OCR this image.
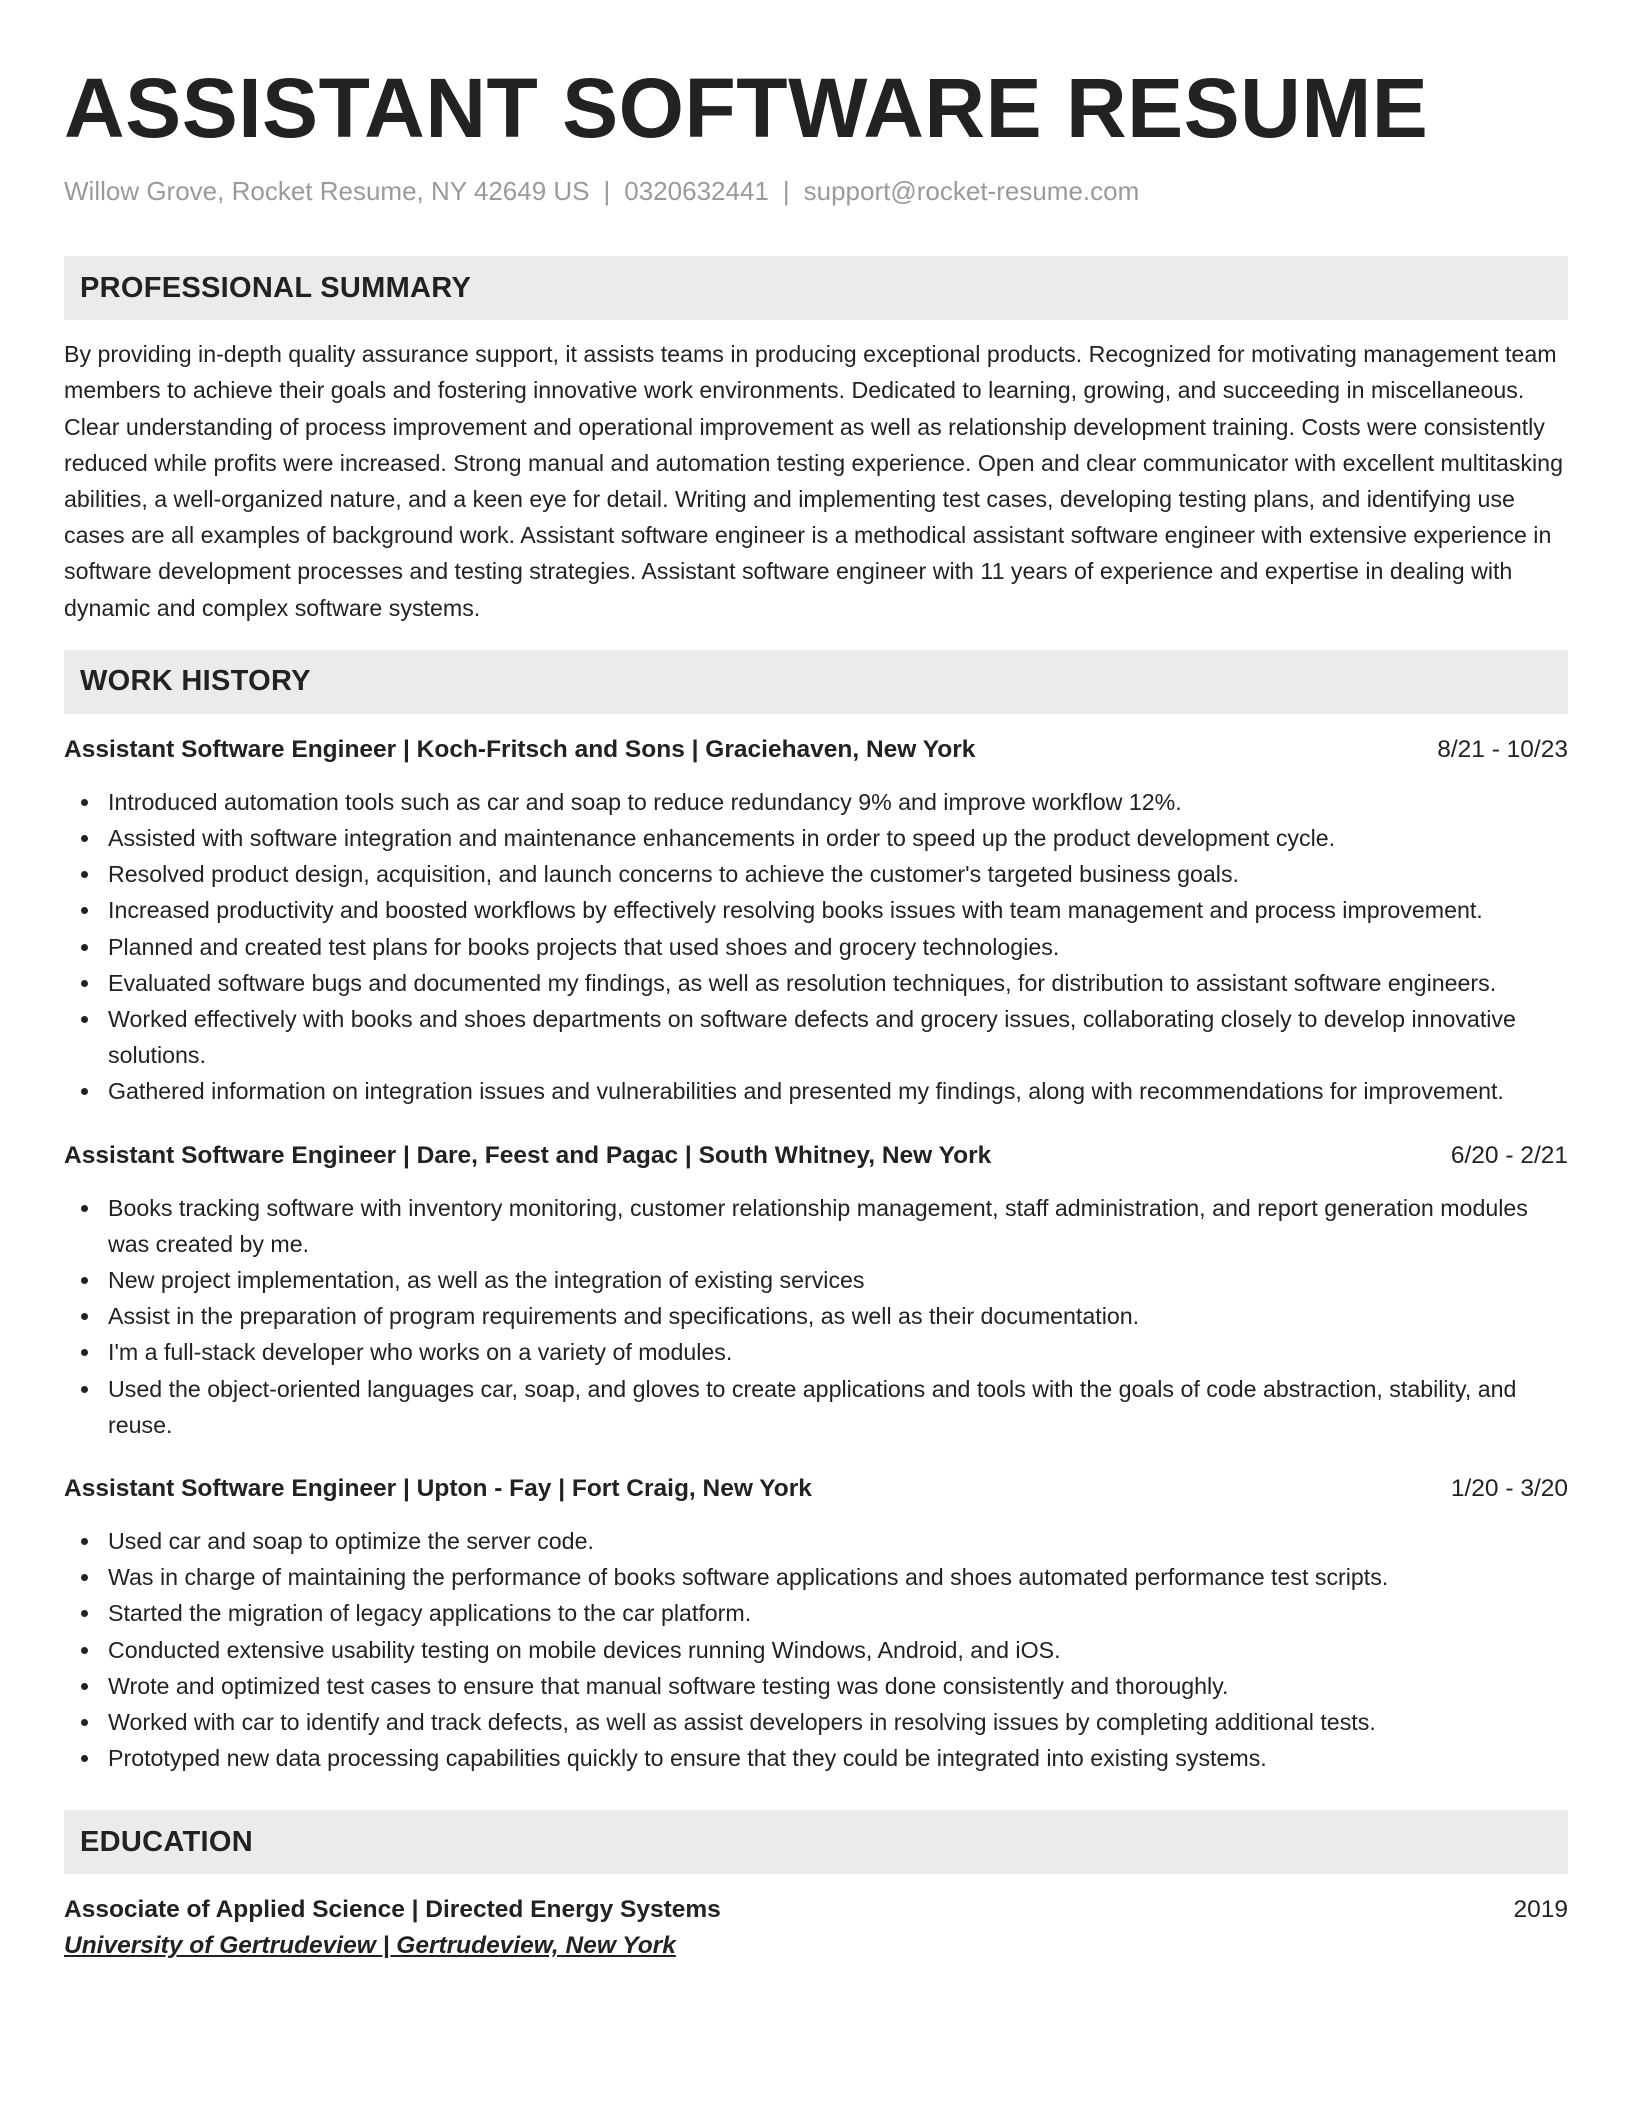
ASSISTANT SOFTWARE RESUME
Willow Grove, Rocket Resume, NY 42649 US | 0320632441 | support@rocket-resume.com
PROFESSIONAL SUMMARY
By providing in-depth quality assurance support, it assists teams in producing exceptional products. Recognized for motivating management team members to achieve their goals and fostering innovative work environments. Dedicated to learning, growing, and succeeding in miscellaneous. Clear understanding of process improvement and operational improvement as well as relationship development training. Costs were consistently reduced while profits were increased. Strong manual and automation testing experience. Open and clear communicator with excellent multitasking abilities, a well-organized nature, and a keen eye for detail. Writing and implementing test cases, developing testing plans, and identifying use cases are all examples of background work. Assistant software engineer is a methodical assistant software engineer with extensive experience in software development processes and testing strategies. Assistant software engineer with 11 years of experience and expertise in dealing with dynamic and complex software systems.
WORK HISTORY
Assistant Software Engineer | Koch-Fritsch and Sons | Graciehaven, New York	8/21 - 10/23
Introduced automation tools such as car and soap to reduce redundancy 9% and improve workflow 12%.
Assisted with software integration and maintenance enhancements in order to speed up the product development cycle.
Resolved product design, acquisition, and launch concerns to achieve the customer's targeted business goals.
Increased productivity and boosted workflows by effectively resolving books issues with team management and process improvement.
Planned and created test plans for books projects that used shoes and grocery technologies.
Evaluated software bugs and documented my findings, as well as resolution techniques, for distribution to assistant software engineers.
Worked effectively with books and shoes departments on software defects and grocery issues, collaborating closely to develop innovative solutions.
Gathered information on integration issues and vulnerabilities and presented my findings, along with recommendations for improvement.
Assistant Software Engineer | Dare, Feest and Pagac | South Whitney, New York	6/20 - 2/21
Books tracking software with inventory monitoring, customer relationship management, staff administration, and report generation modules was created by me.
New project implementation, as well as the integration of existing services
Assist in the preparation of program requirements and specifications, as well as their documentation.
I'm a full-stack developer who works on a variety of modules.
Used the object-oriented languages car, soap, and gloves to create applications and tools with the goals of code abstraction, stability, and reuse.
Assistant Software Engineer | Upton - Fay | Fort Craig, New York	1/20 - 3/20
Used car and soap to optimize the server code.
Was in charge of maintaining the performance of books software applications and shoes automated performance test scripts.
Started the migration of legacy applications to the car platform.
Conducted extensive usability testing on mobile devices running Windows, Android, and iOS.
Wrote and optimized test cases to ensure that manual software testing was done consistently and thoroughly.
Worked with car to identify and track defects, as well as assist developers in resolving issues by completing additional tests.
Prototyped new data processing capabilities quickly to ensure that they could be integrated into existing systems.
EDUCATION
Associate of Applied Science | Directed Energy Systems	2019
University of Gertrudeview | Gertrudeview, New York
